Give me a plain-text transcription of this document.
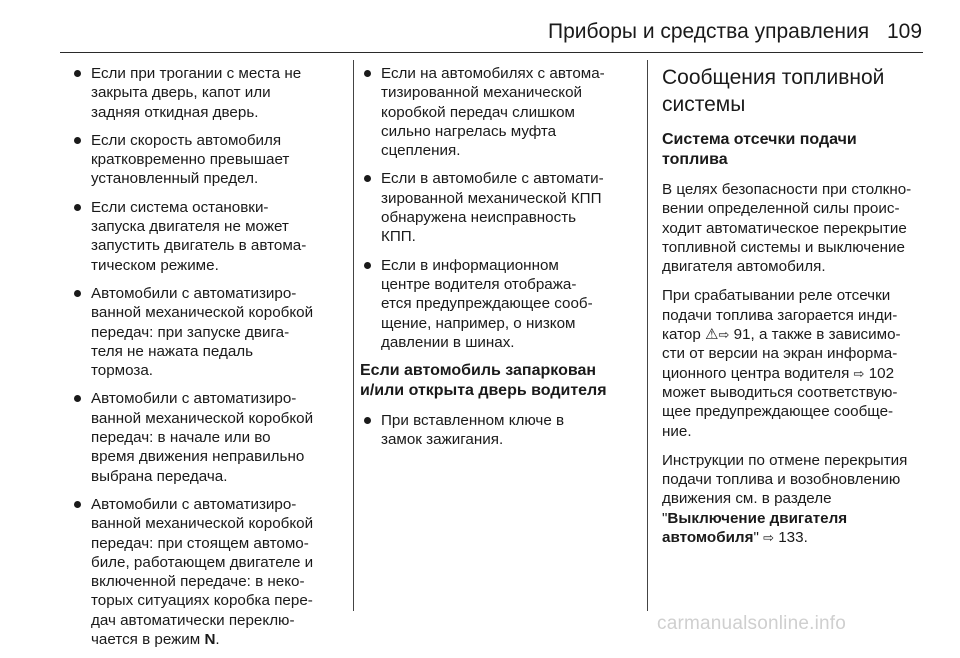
Приборы и средства управления 109
Если при трогании с места не
закрыта дверь, капот или
задняя откидная дверь.
Если скорость автомобиля
кратковременно превышает
установленный предел.
Если система остановки-
запуска двигателя не может
запустить двигатель в автома-
тическом режиме.
Автомобили с автоматизиро-
ванной механической коробкой
передач: при запуске двига-
теля не нажата педаль
тормоза.
Автомобили с автоматизиро-
ванной механической коробкой
передач: в начале или во
время движения неправильно
выбрана передача.
Автомобили с автоматизиро-
ванной механической коробкой
передач: при стоящем автомо-
биле, работающем двигателе и
включенной передаче: в неко-
торых ситуациях коробка пере-
дач автоматически переклю-
чается в режим N.
Если на автомобилях с автома-
тизированной механической
коробкой передач слишком
сильно нагрелась муфта
сцепления.
Если в автомобиле с автомати-
зированной механической КПП
обнаружена неисправность
КПП.
Если в информационном
центре водителя отображa-
ется предупреждающее сооб-
щение, например, о низком
давлении в шинах.
Если автомобиль запаркован
и/или открыта дверь водителя
При вставленном ключе в
замок зажигания.
Сообщения топливной
системы
Система отсечки подачи
топлива
В целях безопасности при столкно-
вении определенной силы проис-
ходит автоматическое перекрытие
топливной системы и выключение
двигателя автомобиля.
При срабатывании реле отсечки
подачи топлива загорается инди-
катор ⚠⇨ 91, а также в зависимо-
сти от версии на экран информа-
ционного центра водителя ⇨ 102
может выводиться соответствую-
щее предупреждающее сообще-
ние.
Инструкции по отмене перекрытия
подачи топлива и возобновлению
движения см. в разделе
"Выключение двигателя
автомобиля" ⇨ 133.
carmanualsonline.info
